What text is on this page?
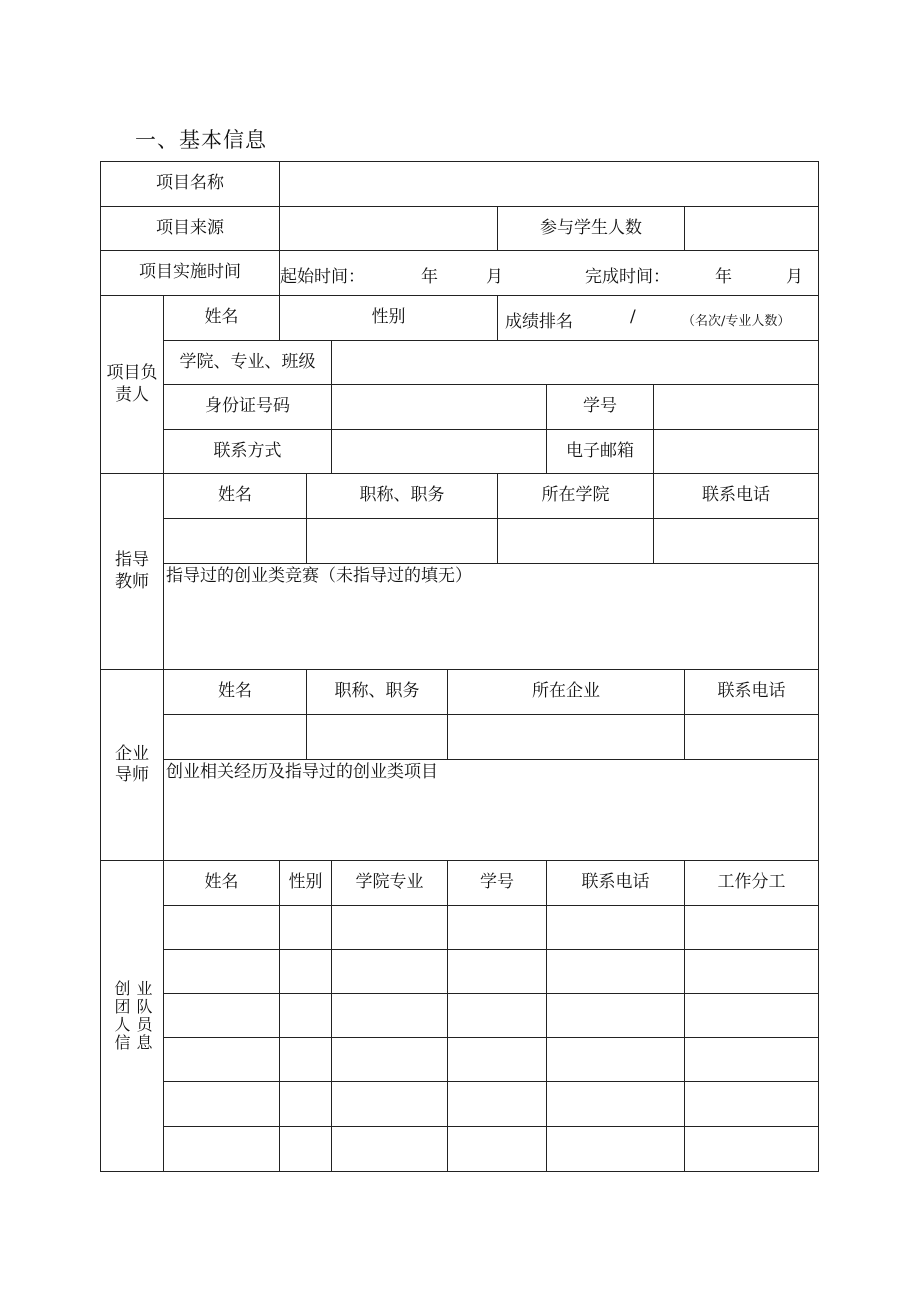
一、基本信息
项目名称
项目来源	参与学生人数
项目实施时间	起始时间：	年	月	完成时间：	年	月
项目负
责人
姓名	性别	成绩排名	/	（名次/专业人数）
学院、专业、班级
身份证号码	学号
联系方式	电子邮箱
指导
教师
姓名	职称、职务	所在学院	联系电话
指导过的创业类竞赛（未指导过的填无）
企业
导师
姓名	职称、职务	所在企业	联系电话
创业相关经历及指导过的创业类项目
业队员息
创团人信
姓名	性别	学院专业	学号	联系电话	工作分工
